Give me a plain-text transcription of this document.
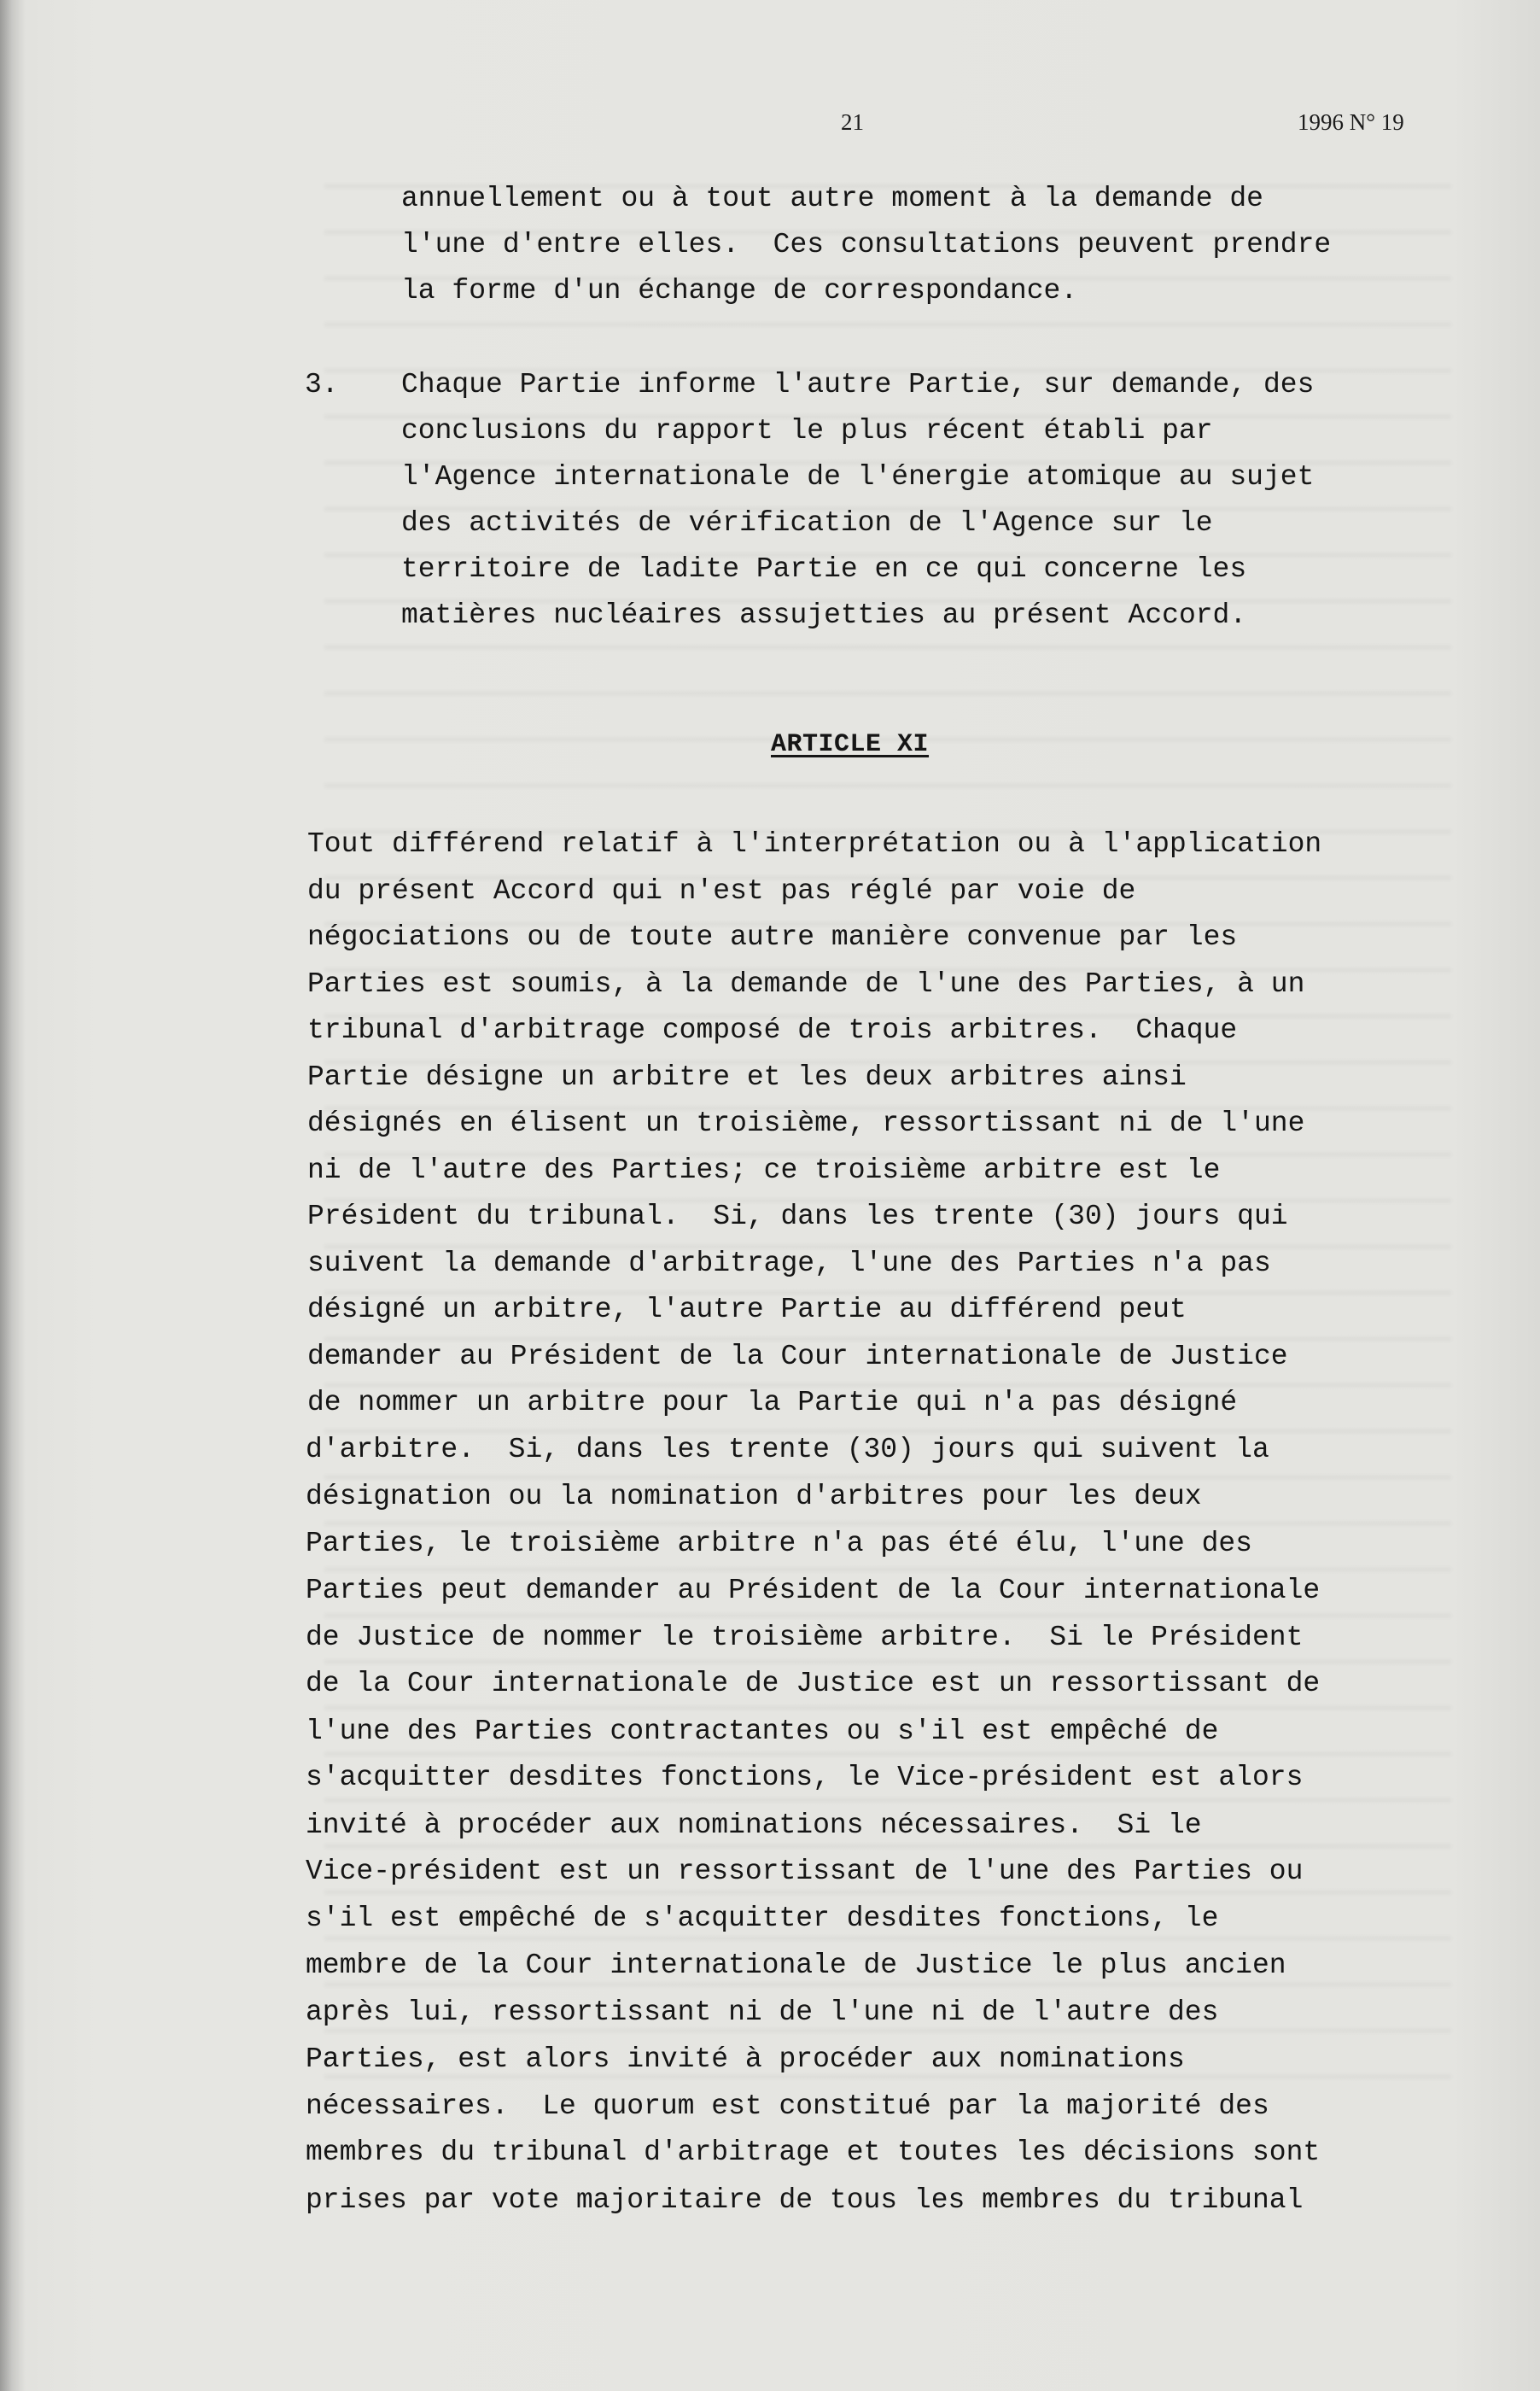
21	1996 N° 19
annuellement ou à tout autre moment à la demande de
l'une d'entre elles.  Ces consultations peuvent prendre
la forme d'un échange de correspondance.
3. Chaque Partie informe l'autre Partie, sur demande, des
conclusions du rapport le plus récent établi par
l'Agence internationale de l'énergie atomique au sujet
des activités de vérification de l'Agence sur le
territoire de ladite Partie en ce qui concerne les
matières nucléaires assujetties au présent Accord.
ARTICLE XI
Tout différend relatif à l'interprétation ou à l'application
du présent Accord qui n'est pas réglé par voie de
négociations ou de toute autre manière convenue par les
Parties est soumis, à la demande de l'une des Parties, à un
tribunal d'arbitrage composé de trois arbitres.  Chaque
Partie désigne un arbitre et les deux arbitres ainsi
désignés en élisent un troisième, ressortissant ni de l'une
ni de l'autre des Parties; ce troisième arbitre est le
Président du tribunal.  Si, dans les trente (30) jours qui
suivent la demande d'arbitrage, l'une des Parties n'a pas
désigné un arbitre, l'autre Partie au différend peut
demander au Président de la Cour internationale de Justice
de nommer un arbitre pour la Partie qui n'a pas désigné
d'arbitre.  Si, dans les trente (30) jours qui suivent la
désignation ou la nomination d'arbitres pour les deux
Parties, le troisième arbitre n'a pas été élu, l'une des
Parties peut demander au Président de la Cour internationale
de Justice de nommer le troisième arbitre.  Si le Président
de la Cour internationale de Justice est un ressortissant de
l'une des Parties contractantes ou s'il est empêché de
s'acquitter desdites fonctions, le Vice-président est alors
invité à procéder aux nominations nécessaires.  Si le
Vice-président est un ressortissant de l'une des Parties ou
s'il est empêché de s'acquitter desdites fonctions, le
membre de la Cour internationale de Justice le plus ancien
après lui, ressortissant ni de l'une ni de l'autre des
Parties, est alors invité à procéder aux nominations
nécessaires.  Le quorum est constitué par la majorité des
membres du tribunal d'arbitrage et toutes les décisions sont
prises par vote majoritaire de tous les membres du tribunal
